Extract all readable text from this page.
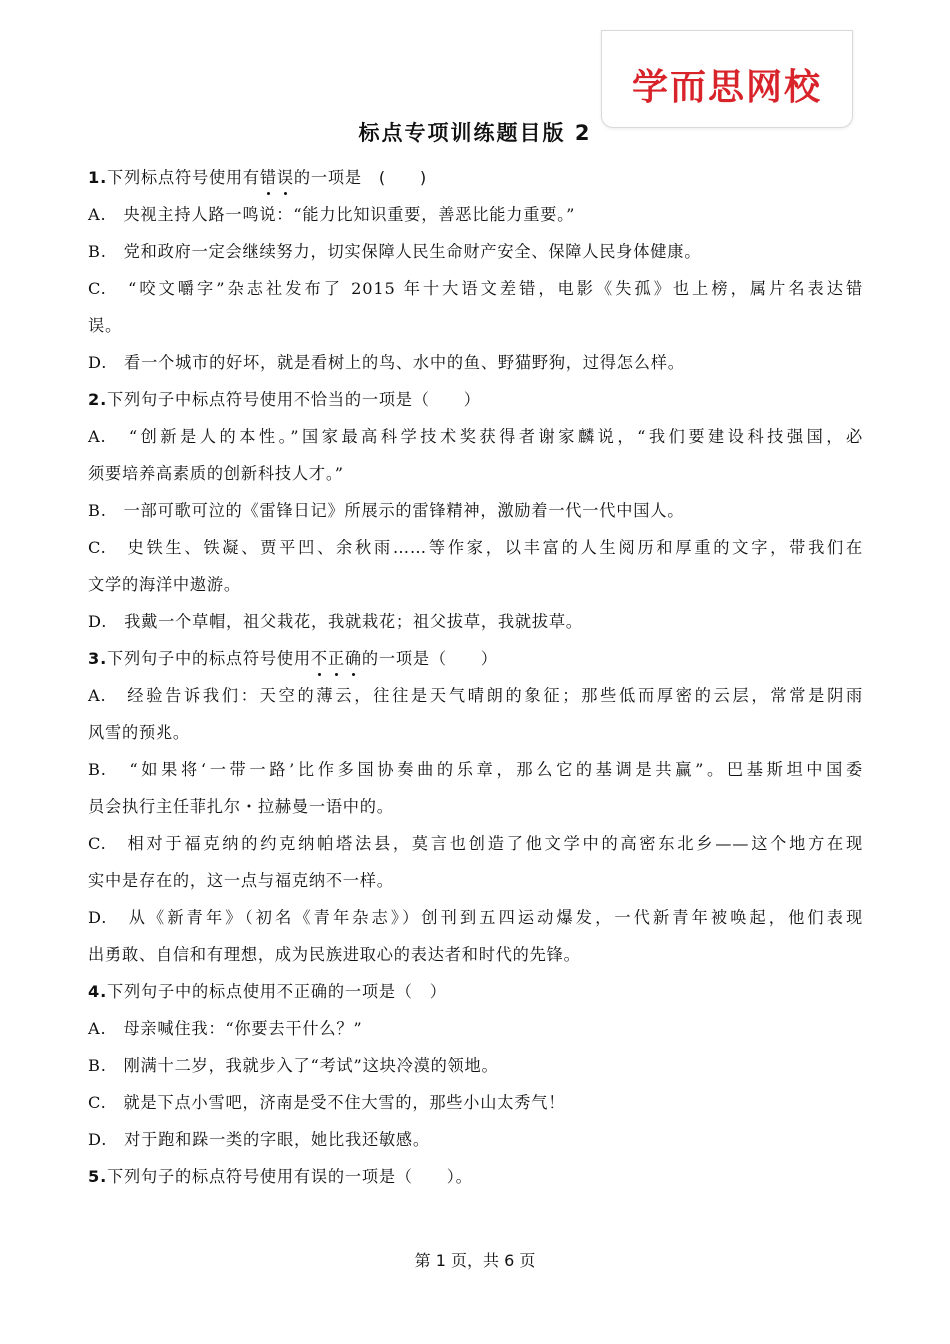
学而思网校
标点专项训练题目版 2
1.下列标点符号使用有错误的一项是　(　　)
A.　央视主持人路一鸣说：“能力比知识重要，善恶比能力重要。”
B.　党和政府一定会继续努力，切实保障人民生命财产安全、保障人民身体健康。
C.　“咬文嚼字”杂志社发布了 2015 年十大语文差错，电影《失孤》也上榜，属片名表达错
误。
D.　看一个城市的好坏，就是看树上的鸟、水中的鱼、野猫野狗，过得怎么样。
2.下列句子中标点符号使用不恰当的一项是（　　）
A.　“创新是人的本性。”国家最高科学技术奖获得者谢家麟说，“我们要建设科技强国，必
须要培养高素质的创新科技人才。”
B.　一部可歌可泣的《雷锋日记》所展示的雷锋精神，激励着一代一代中国人。
C.　史铁生、铁凝、贾平凹、余秋雨……等作家，以丰富的人生阅历和厚重的文字，带我们在
文学的海洋中遨游。
D.　我戴一个草帽，祖父栽花，我就栽花；祖父拔草，我就拔草。
3.下列句子中的标点符号使用不正确的一项是（　　）
A.　经验告诉我们：天空的薄云，往往是天气晴朗的象征；那些低而厚密的云层，常常是阴雨
风雪的预兆。
B.　“如果将‘一带一路’比作多国协奏曲的乐章，那么它的基调是共赢”。巴基斯坦中国委
员会执行主任菲扎尔・拉赫曼一语中的。
C.　相对于福克纳的约克纳帕塔法县，莫言也创造了他文学中的高密东北乡——这个地方在现
实中是存在的，这一点与福克纳不一样。
D.　从《新青年》（初名《青年杂志》）创刊到五四运动爆发，一代新青年被唤起，他们表现
出勇敢、自信和有理想，成为民族进取心的表达者和时代的先锋。
4.下列句子中的标点使用不正确的一项是（　）
A.　母亲喊住我：“你要去干什么？”
B.　刚满十二岁，我就步入了“考试”这块冷漠的领地。
C.　就是下点小雪吧，济南是受不住大雪的，那些小山太秀气！
D.　对于跑和跺一类的字眼，她比我还敏感。
5.下列句子的标点符号使用有误的一项是（　　）。
第 1 页，共 6 页
